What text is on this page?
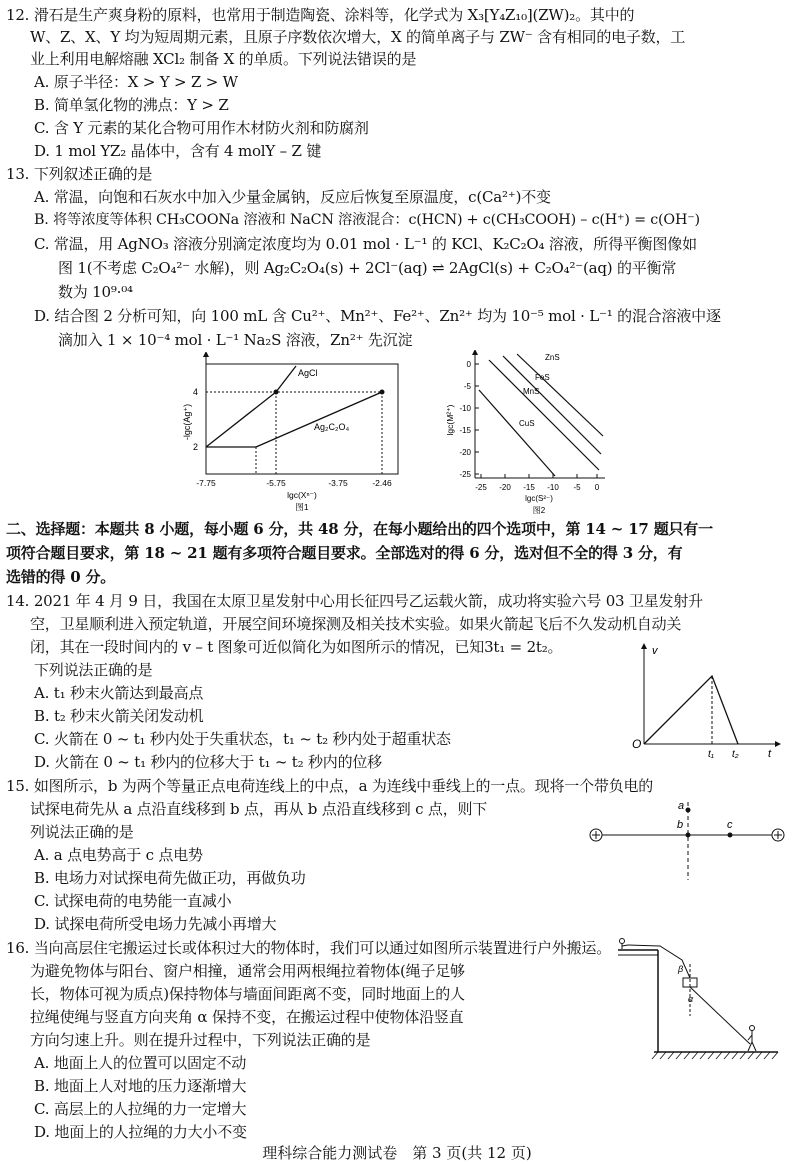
12. 滑石是生产爽身粉的原料，也常用于制造陶瓷、涂料等，化学式为 X₃[Y₄Z₁₀](ZW)₂。其中的
W、Z、X、Y 均为短周期元素，且原子序数依次增大，X 的简单离子与 ZW⁻ 含有相同的电子数，工
业上利用电解熔融 XCl₂ 制备 X 的单质。下列说法错误的是
A. 原子半径：X > Y > Z > W
B. 简单氢化物的沸点：Y > Z
C. 含 Y 元素的某化合物可用作木材防火剂和防腐剂
D. 1 mol YZ₂ 晶体中，含有 4 molY – Z 键
13. 下列叙述正确的是
A. 常温，向饱和石灰水中加入少量金属钠，反应后恢复至原温度，c(Ca²⁺)不变
B. 将等浓度等体积 CH₃COONa 溶液和 NaCN 溶液混合：c(HCN) + c(CH₃COOH) – c(H⁺) = c(OH⁻)
C. 常温，用 AgNO₃ 溶液分别滴定浓度均为 0.01 mol · L⁻¹ 的 KCl、K₂C₂O₄ 溶液，所得平衡图像如
图 1(不考虑 C₂O₄²⁻ 水解)，则 Ag₂C₂O₄(s) + 2Cl⁻(aq) ⇌ 2AgCl(s) + C₂O₄²⁻(aq) 的平衡常
数为 10⁹·⁰⁴
D. 结合图 2 分析可知，向 100 mL 含 Cu²⁺、Mn²⁺、Fe²⁺、Zn²⁺ 均为 10⁻⁵ mol · L⁻¹ 的混合溶液中逐
滴加入 1 × 10⁻⁴ mol · L⁻¹ Na₂S 溶液，Zn²⁺ 先沉淀
AgCl
Ag₂C₂O₄
4
2
-lgc(Ag⁺)
-7.75	-5.75	-3.75	-2.46
lgc(Xⁿ⁻)
图1
ZnS
FeS
MnS
CuS
0
-5
-10
-15
-20
-25
lgc(M²⁺)
-25 -20 -15 -10 -5 0
lgc(S²⁻)
图2
二、选择题：本题共 8 小题，每小题 6 分，共 48 分，在每小题给出的四个选项中，第 14 ~ 17 题只有一
项符合题目要求，第 18 ~ 21 题有多项符合题目要求。全部选对的得 6 分，选对但不全的得 3 分，有
选错的得 0 分。
14. 2021 年 4 月 9 日，我国在太原卫星发射中心用长征四号乙运载火箭，成功将实验六号 03 卫星发射升
空，卫星顺利进入预定轨道，开展空间环境探测及相关技术实验。如果火箭起飞后不久发动机自动关
闭，其在一段时间内的 v – t 图象可近似简化为如图所示的情况，已知3t₁ = 2t₂。
下列说法正确的是
A. t₁ 秒末火箭达到最高点
B. t₂ 秒末火箭关闭发动机
C. 火箭在 0 ~ t₁ 秒内处于失重状态，t₁ ~ t₂ 秒内处于超重状态
D. 火箭在 0 ~ t₁ 秒内的位移大于 t₁ ~ t₂ 秒内的位移
v
O
t₁ t₂	t
15. 如图所示，b 为两个等量正点电荷连线上的中点，a 为连线中垂线上的一点。现将一个带负电的
试探电荷先从 a 点沿直线移到 b 点，再从 b 点沿直线移到 c 点，则下
列说法正确的是
A. a 点电势高于 c 点电势
B. 电场力对试探电荷先做正功，再做负功
C. 试探电荷的电势能一直减小
D. 试探电荷所受电场力先减小再增大
a
b	c
16. 当向高层住宅搬运过长或体积过大的物体时，我们可以通过如图所示装置进行户外搬运。
为避免物体与阳台、窗户相撞，通常会用两根绳拉着物体(绳子足够
长，物体可视为质点)保持物体与墙面间距离不变，同时地面上的人
拉绳使绳与竖直方向夹角 α 保持不变，在搬运过程中使物体沿竖直
方向匀速上升。则在提升过程中，下列说法正确的是
A. 地面上人的位置可以固定不动
B. 地面上人对地的压力逐渐增大
C. 高层上的人拉绳的力一定增大
D. 地面上的人拉绳的力大小不变
β
α
理科综合能力测试卷　第 3 页(共 12 页)
